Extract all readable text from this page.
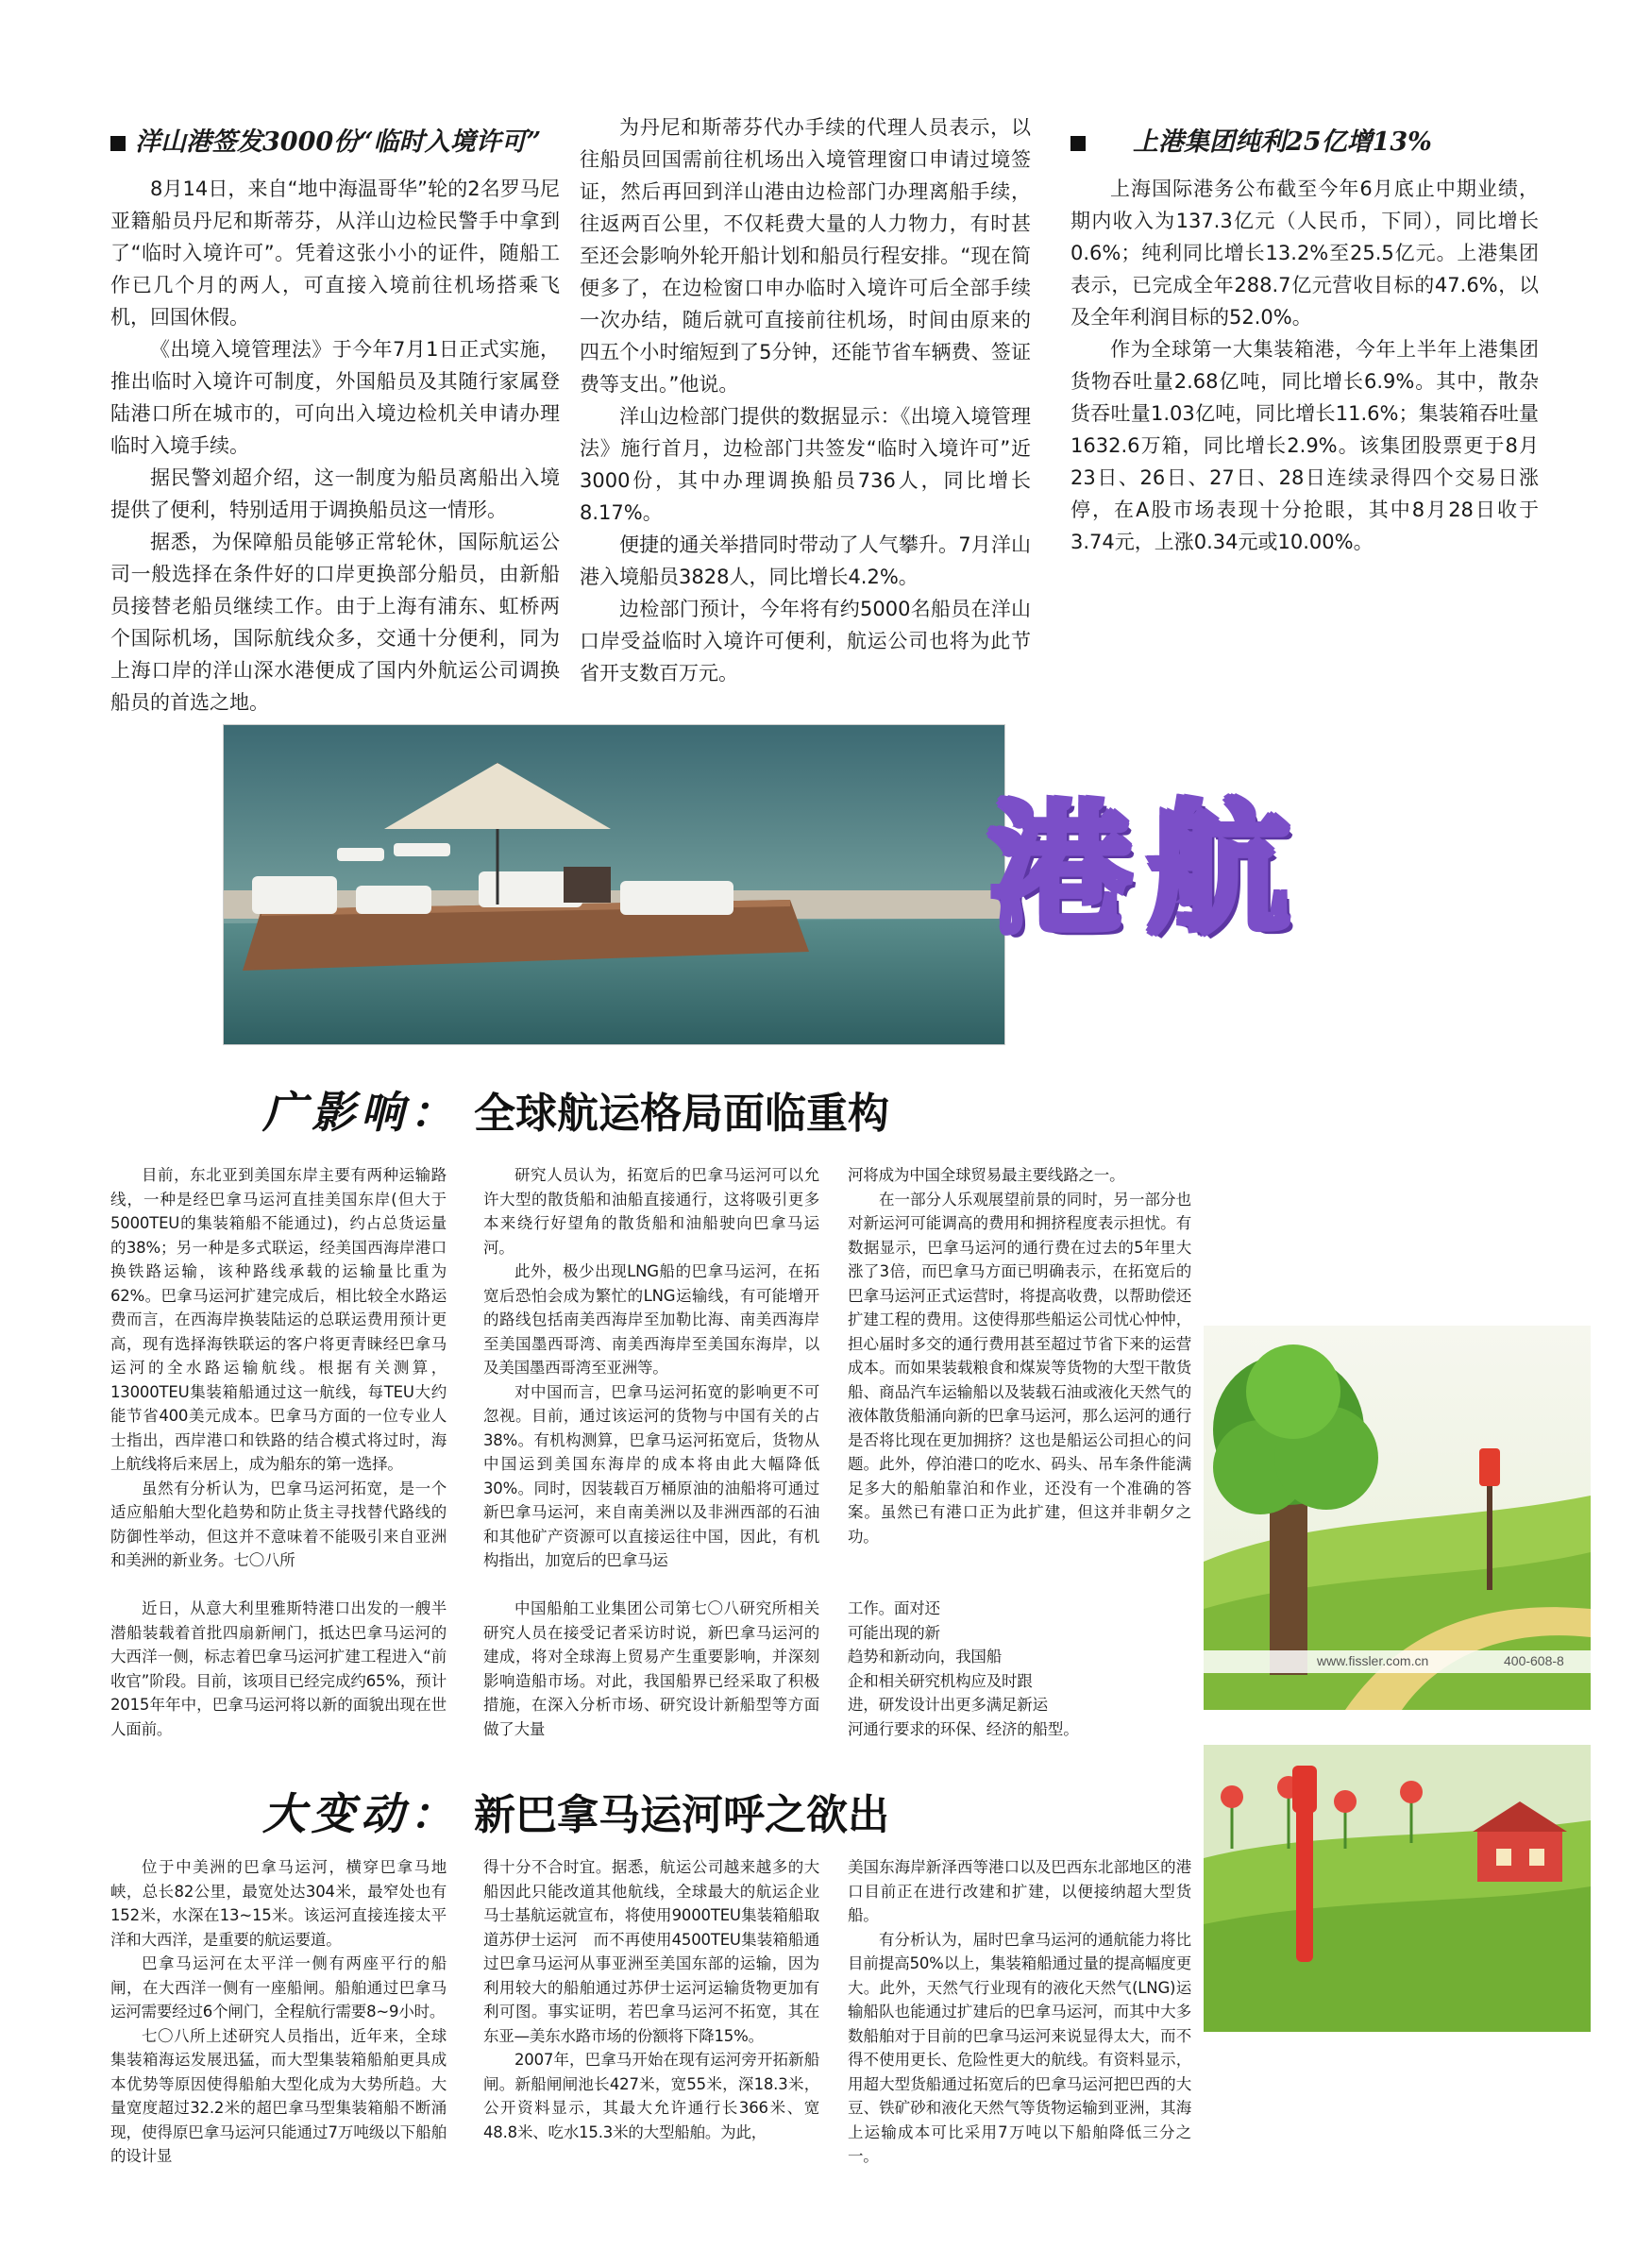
洋山港签发3000份“临时入境许可”

8月14日，来自“地中海温哥华”轮的2名罗马尼亚籍船员丹尼和斯蒂芬，从洋山边检民警手中拿到了“临时入境许可”。凭着这张小小的证件，随船工作已几个月的两人，可直接入境前往机场搭乘飞机，回国休假。

《出境入境管理法》于今年7月1日正式实施，推出临时入境许可制度，外国船员及其随行家属登陆港口所在城市的，可向出入境边检机关申请办理临时入境手续。

据民警刘超介绍，这一制度为船员离船出入境提供了便利，特别适用于调换船员这一情形。

据悉，为保障船员能够正常轮休，国际航运公司一般选择在条件好的口岸更换部分船员，由新船员接替老船员继续工作。由于上海有浦东、虹桥两个国际机场，国际航线众多，交通十分便利，同为上海口岸的洋山深水港便成了国内外航运公司调换船员的首选之地。

为丹尼和斯蒂芬代办手续的代理人员表示，以往船员回国需前往机场出入境管理窗口申请过境签证，然后再回到洋山港由边检部门办理离船手续，往返两百公里，不仅耗费大量的人力物力，有时甚至还会影响外轮开船计划和船员行程安排。“现在简便多了，在边检窗口申办临时入境许可后全部手续一次办结，随后就可直接前往机场，时间由原来的四五个小时缩短到了5分钟，还能节省车辆费、签证费等支出。”他说。

洋山边检部门提供的数据显示：《出境入境管理法》施行首月，边检部门共签发“临时入境许可”近3000份，其中办理调换船员736人，同比增长8.17%。

便捷的通关举措同时带动了人气攀升。7月洋山港入境船员3828人，同比增长4.2%。

边检部门预计，今年将有约5000名船员在洋山口岸受益临时入境许可便利，航运公司也将为此节省开支数百万元。

上港集团纯利25亿增13%

上海国际港务公布截至今年6月底止中期业绩，期内收入为137.3亿元（人民币，下同），同比增长0.6%；纯利同比增长13.2%至25.5亿元。上港集团表示，已完成全年288.7亿元营收目标的47.6%，以及全年利润目标的52.0%。

作为全球第一大集装箱港，今年上半年上港集团货物吞吐量2.68亿吨，同比增长6.9%。其中，散杂货吞吐量1.03亿吨，同比增长11.6%；集装箱吞吐量1632.6万箱，同比增长2.9%。该集团股票更于8月23日、26日、27日、28日连续录得四个交易日涨停，在A股市场表现十分抢眼，其中8月28日收于3.74元，上涨0.34元或10.00%。

港航
广影响： 全球航运格局面临重构

目前，东北亚到美国东岸主要有两种运输路线，一种是经巴拿马运河直挂美国东岸(但大于5000TEU的集装箱船不能通过)，约占总货运量的38%；另一种是多式联运，经美国西海岸港口换铁路运输，该种路线承载的运输量比重为62%。巴拿马运河扩建完成后，相比较全水路运费而言，在西海岸换装陆运的总联运费用预计更高，现有选择海铁联运的客户将更青睐经巴拿马运河的全水路运输航线。根据有关测算，13000TEU集装箱船通过这一航线，每TEU大约能节省400美元成本。巴拿马方面的一位专业人士指出，西岸港口和铁路的结合模式将过时，海上航线将后来居上，成为船东的第一选择。

虽然有分析认为，巴拿马运河拓宽，是一个适应船舶大型化趋势和防止货主寻找替代路线的防御性举动，但这并不意味着不能吸引来自亚洲和美洲的新业务。七〇八所

研究人员认为，拓宽后的巴拿马运河可以允许大型的散货船和油船直接通行，这将吸引更多本来绕行好望角的散货船和油船驶向巴拿马运河。

此外，极少出现LNG船的巴拿马运河，在拓宽后恐怕会成为繁忙的LNG运输线，有可能增开的路线包括南美西海岸至加勒比海、南美西海岸至美国墨西哥湾、南美西海岸至美国东海岸，以及美国墨西哥湾至亚洲等。

对中国而言，巴拿马运河拓宽的影响更不可忽视。目前，通过该运河的货物与中国有关的占38%。有机构测算，巴拿马运河拓宽后，货物从中国运到美国东海岸的成本将由此大幅降低30%。同时，因装载百万桶原油的油船将可通过新巴拿马运河，来自南美洲以及非洲西部的石油和其他矿产资源可以直接运往中国，因此，有机构指出，加宽后的巴拿马运

河将成为中国全球贸易最主要线路之一。

在一部分人乐观展望前景的同时，另一部分也对新运河可能调高的费用和拥挤程度表示担忧。有数据显示，巴拿马运河的通行费在过去的5年里大涨了3倍，而巴拿马方面已明确表示，在拓宽后的巴拿马运河正式运营时，将提高收费，以帮助偿还扩建工程的费用。这使得那些船运公司忧心忡忡，担心届时多交的通行费用甚至超过节省下来的运营成本。而如果装载粮食和煤炭等货物的大型干散货船、商品汽车运输船以及装载石油或液化天然气的液体散货船涌向新的巴拿马运河，那么运河的通行是否将比现在更加拥挤？这也是船运公司担心的问题。此外，停泊港口的吃水、码头、吊车条件能满足多大的船舶靠泊和作业，还没有一个准确的答案。虽然已有港口正为此扩建，但这并非朝夕之功。

近日，从意大利里雅斯特港口出发的一艘半潜船装载着首批四扇新闸门，抵达巴拿马运河的大西洋一侧，标志着巴拿马运河扩建工程进入“前收官”阶段。目前，该项目已经完成约65%，预计2015年年中，巴拿马运河将以新的面貌出现在世人面前。

中国船舶工业集团公司第七〇八研究所相关研究人员在接受记者采访时说，新巴拿马运河的建成，将对全球海上贸易产生重要影响，并深刻影响造船市场。对此，我国船界已经采取了积极措施，在深入分析市场、研究设计新船型等方面做了大量

工作。面对还

可能出现的新

趋势和新动向，我国船

企和相关研究机构应及时跟

进，研发设计出更多满足新运

河通行要求的环保、经济的船型。

www.fissler.com.cn	400-608-8
大变动： 新巴拿马运河呼之欲出

位于中美洲的巴拿马运河，横穿巴拿马地峡，总长82公里，最宽处达304米，最窄处也有152米，水深在13~15米。该运河直接连接太平洋和大西洋，是重要的航运要道。

巴拿马运河在太平洋一侧有两座平行的船闸，在大西洋一侧有一座船闸。船舶通过巴拿马运河需要经过6个闸门，全程航行需要8~9小时。

七〇八所上述研究人员指出，近年来，全球集装箱海运发展迅猛，而大型集装箱船舶更具成本优势等原因使得船舶大型化成为大势所趋。大量宽度超过32.2米的超巴拿马型集装箱船不断涌现，使得原巴拿马运河只能通过7万吨级以下船舶的设计显

得十分不合时宜。据悉，航运公司越来越多的大船因此只能改道其他航线，全球最大的航运企业马士基航运就宣布，将使用9000TEU集装箱船取道苏伊士运河　而不再使用4500TEU集装箱船通过巴拿马运河从事亚洲至美国东部的运输，因为利用较大的船舶通过苏伊士运河运输货物更加有利可图。事实证明，若巴拿马运河不拓宽，其在东亚—美东水路市场的份额将下降15%。

2007年，巴拿马开始在现有运河旁开拓新船闸。新船闸闸池长427米，宽55米，深18.3米，公开资料显示，其最大允许通行长366米、宽48.8米、吃水15.3米的大型船舶。为此，

美国东海岸新泽西等港口以及巴西东北部地区的港口目前正在进行改建和扩建，以便接纳超大型货船。

有分析认为，届时巴拿马运河的通航能力将比目前提高50%以上，集装箱船通过量的提高幅度更大。此外，天然气行业现有的液化天然气(LNG)运输船队也能通过扩建后的巴拿马运河，而其中大多数船舶对于目前的巴拿马运河来说显得太大，而不得不使用更长、危险性更大的航线。有资料显示，用超大型货船通过拓宽后的巴拿马运河把巴西的大豆、铁矿砂和液化天然气等货物运输到亚洲，其海上运输成本可比采用7万吨以下船舶降低三分之一。
